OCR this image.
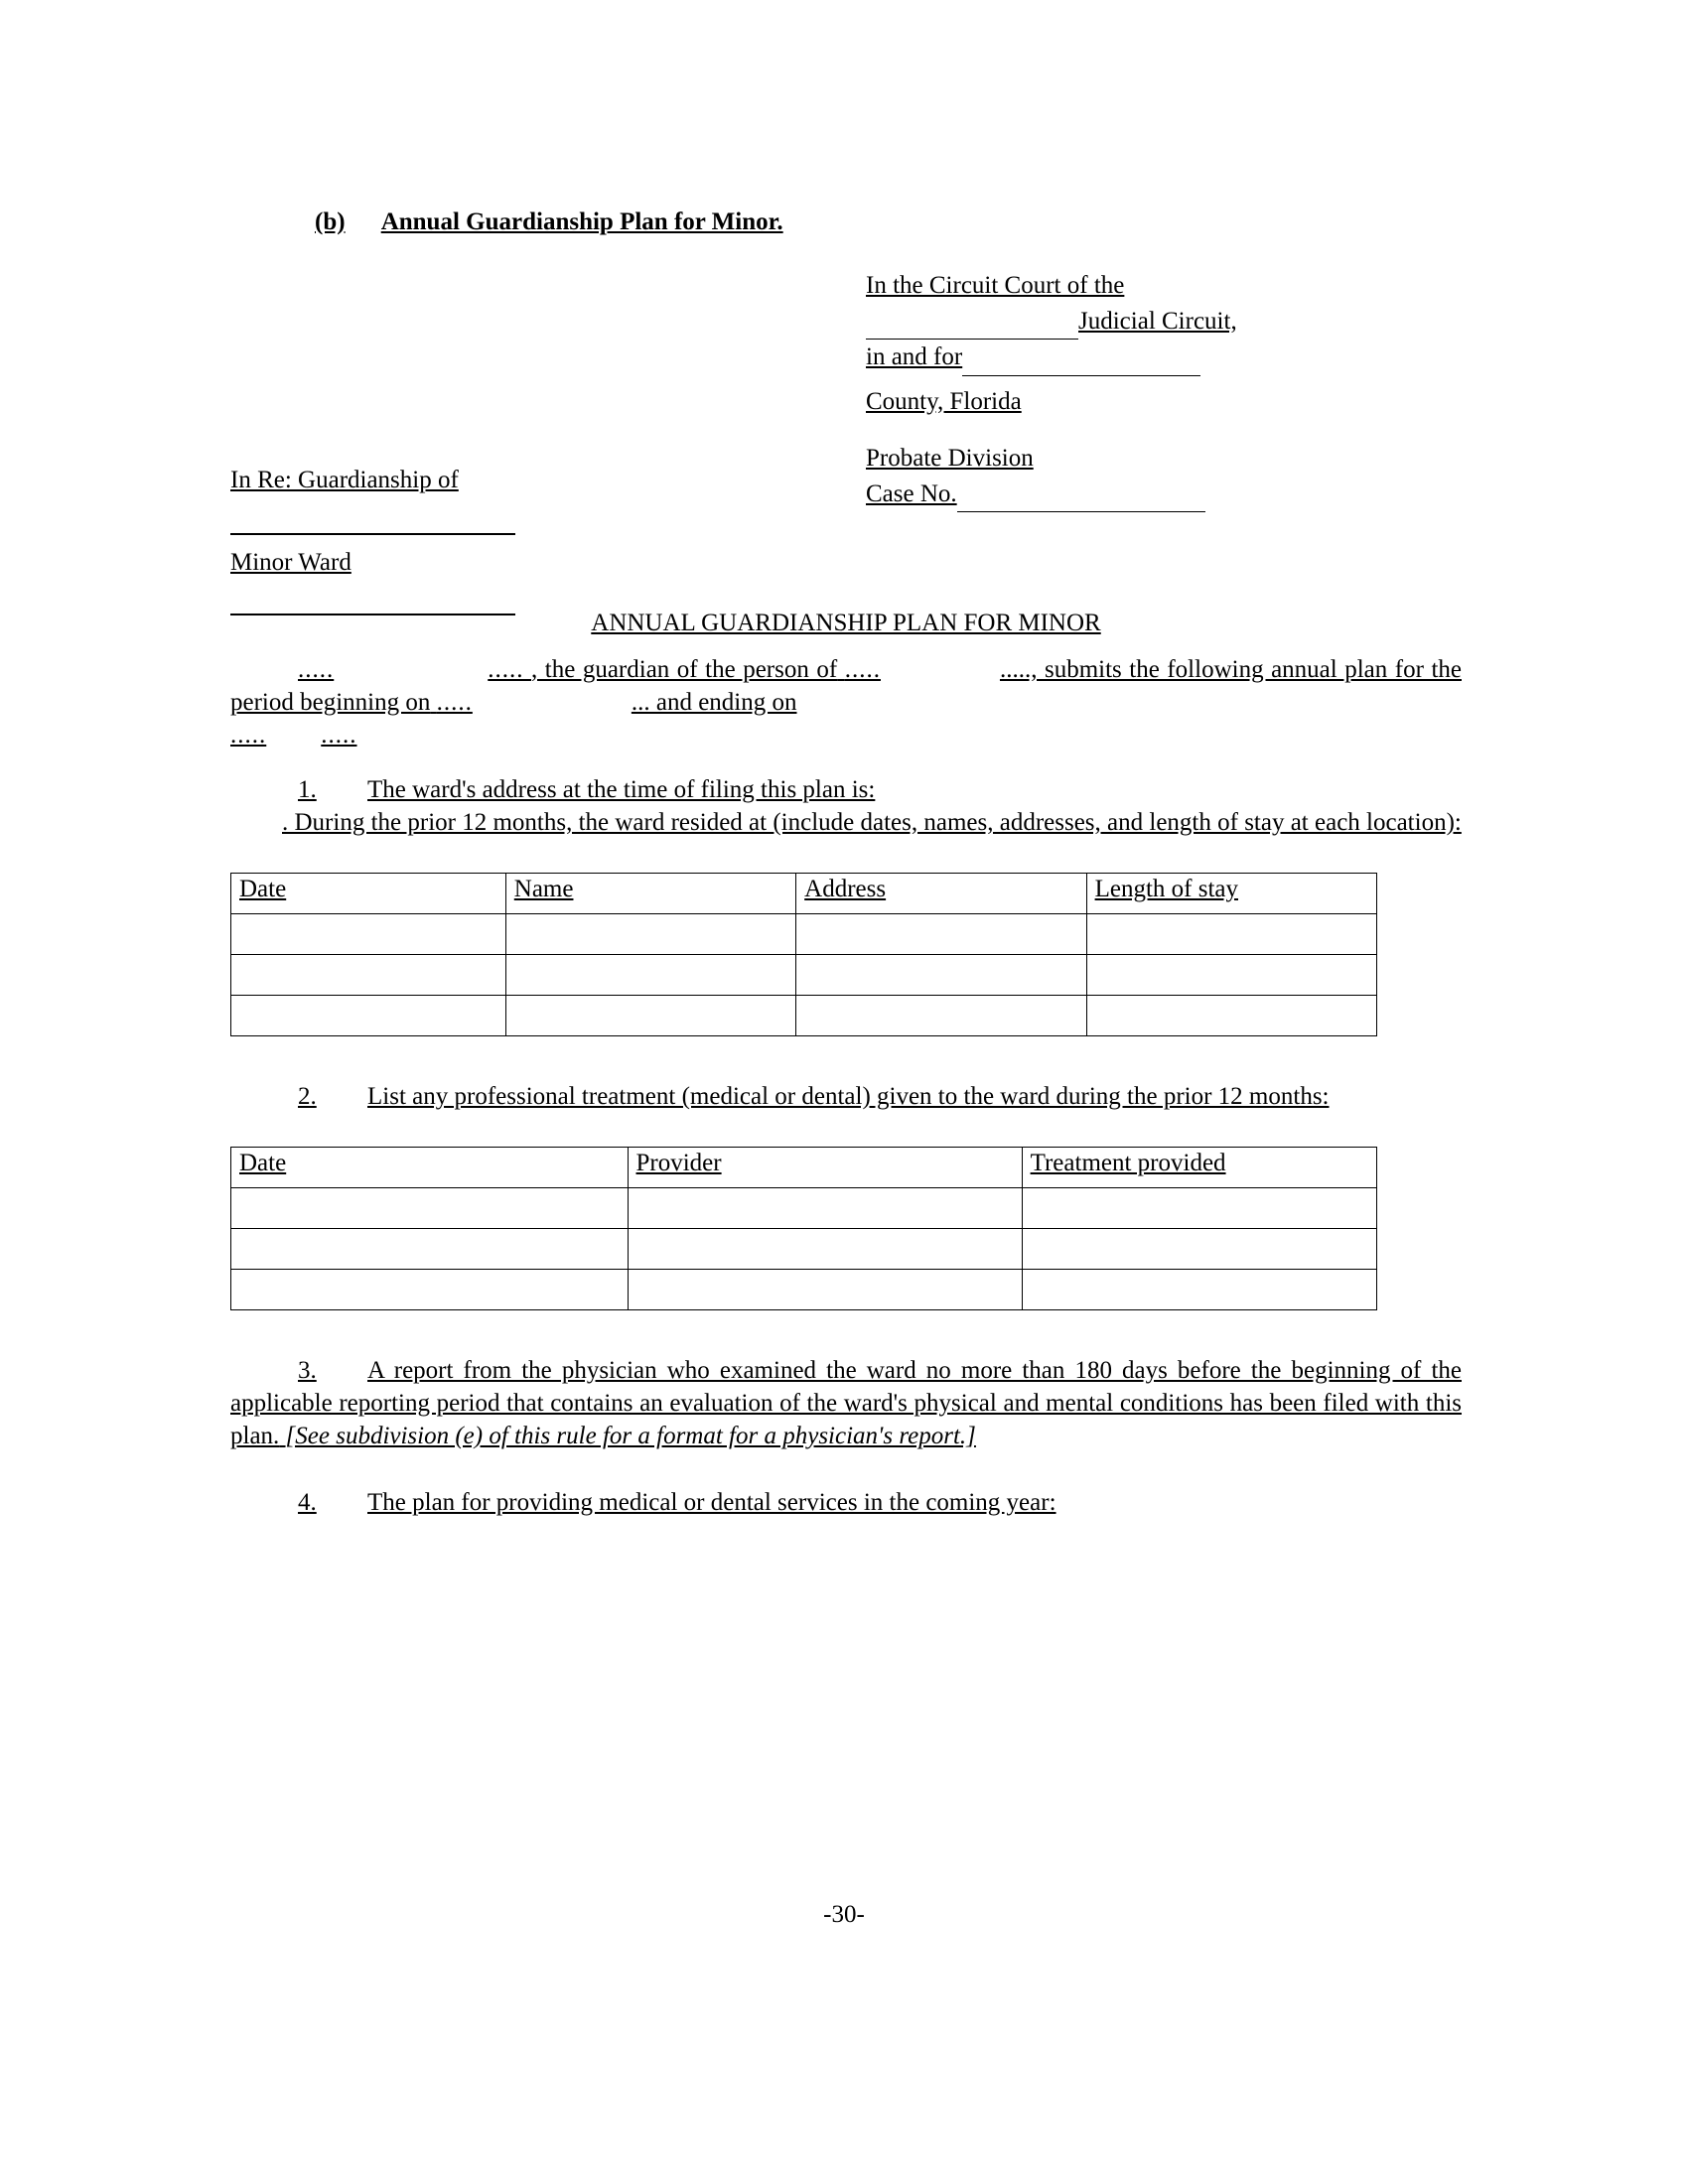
(b) Annual Guardianship Plan for Minor.
In the Circuit Court of the
Judicial Circuit,
in and for
County, Florida
Probate Division
Case No.
In Re: Guardianship of
Minor Ward
ANNUAL GUARDIANSHIP PLAN FOR MINOR

.....	..... , the guardian of the person of .....	....., submits the following annual plan for the period beginning on .....	... and ending on

..... .....

1. The ward's address at the time of filing this plan is:
. During the prior 12 months, the ward resided at (include dates, names, addresses, and length of stay at each location):
Date	Name	Address	Length of stay

2. List any professional treatment (medical or dental) given to the ward during the prior 12 months:
Date	Provider	Treatment provided

3. A report from the physician who examined the ward no more than 180 days before the beginning of the applicable reporting period that contains an evaluation of the ward's physical and mental conditions has been filed with this plan. [See subdivision (e) of this rule for a format for a physician's report.]
4. The plan for providing medical or dental services in the coming year:
-30-
